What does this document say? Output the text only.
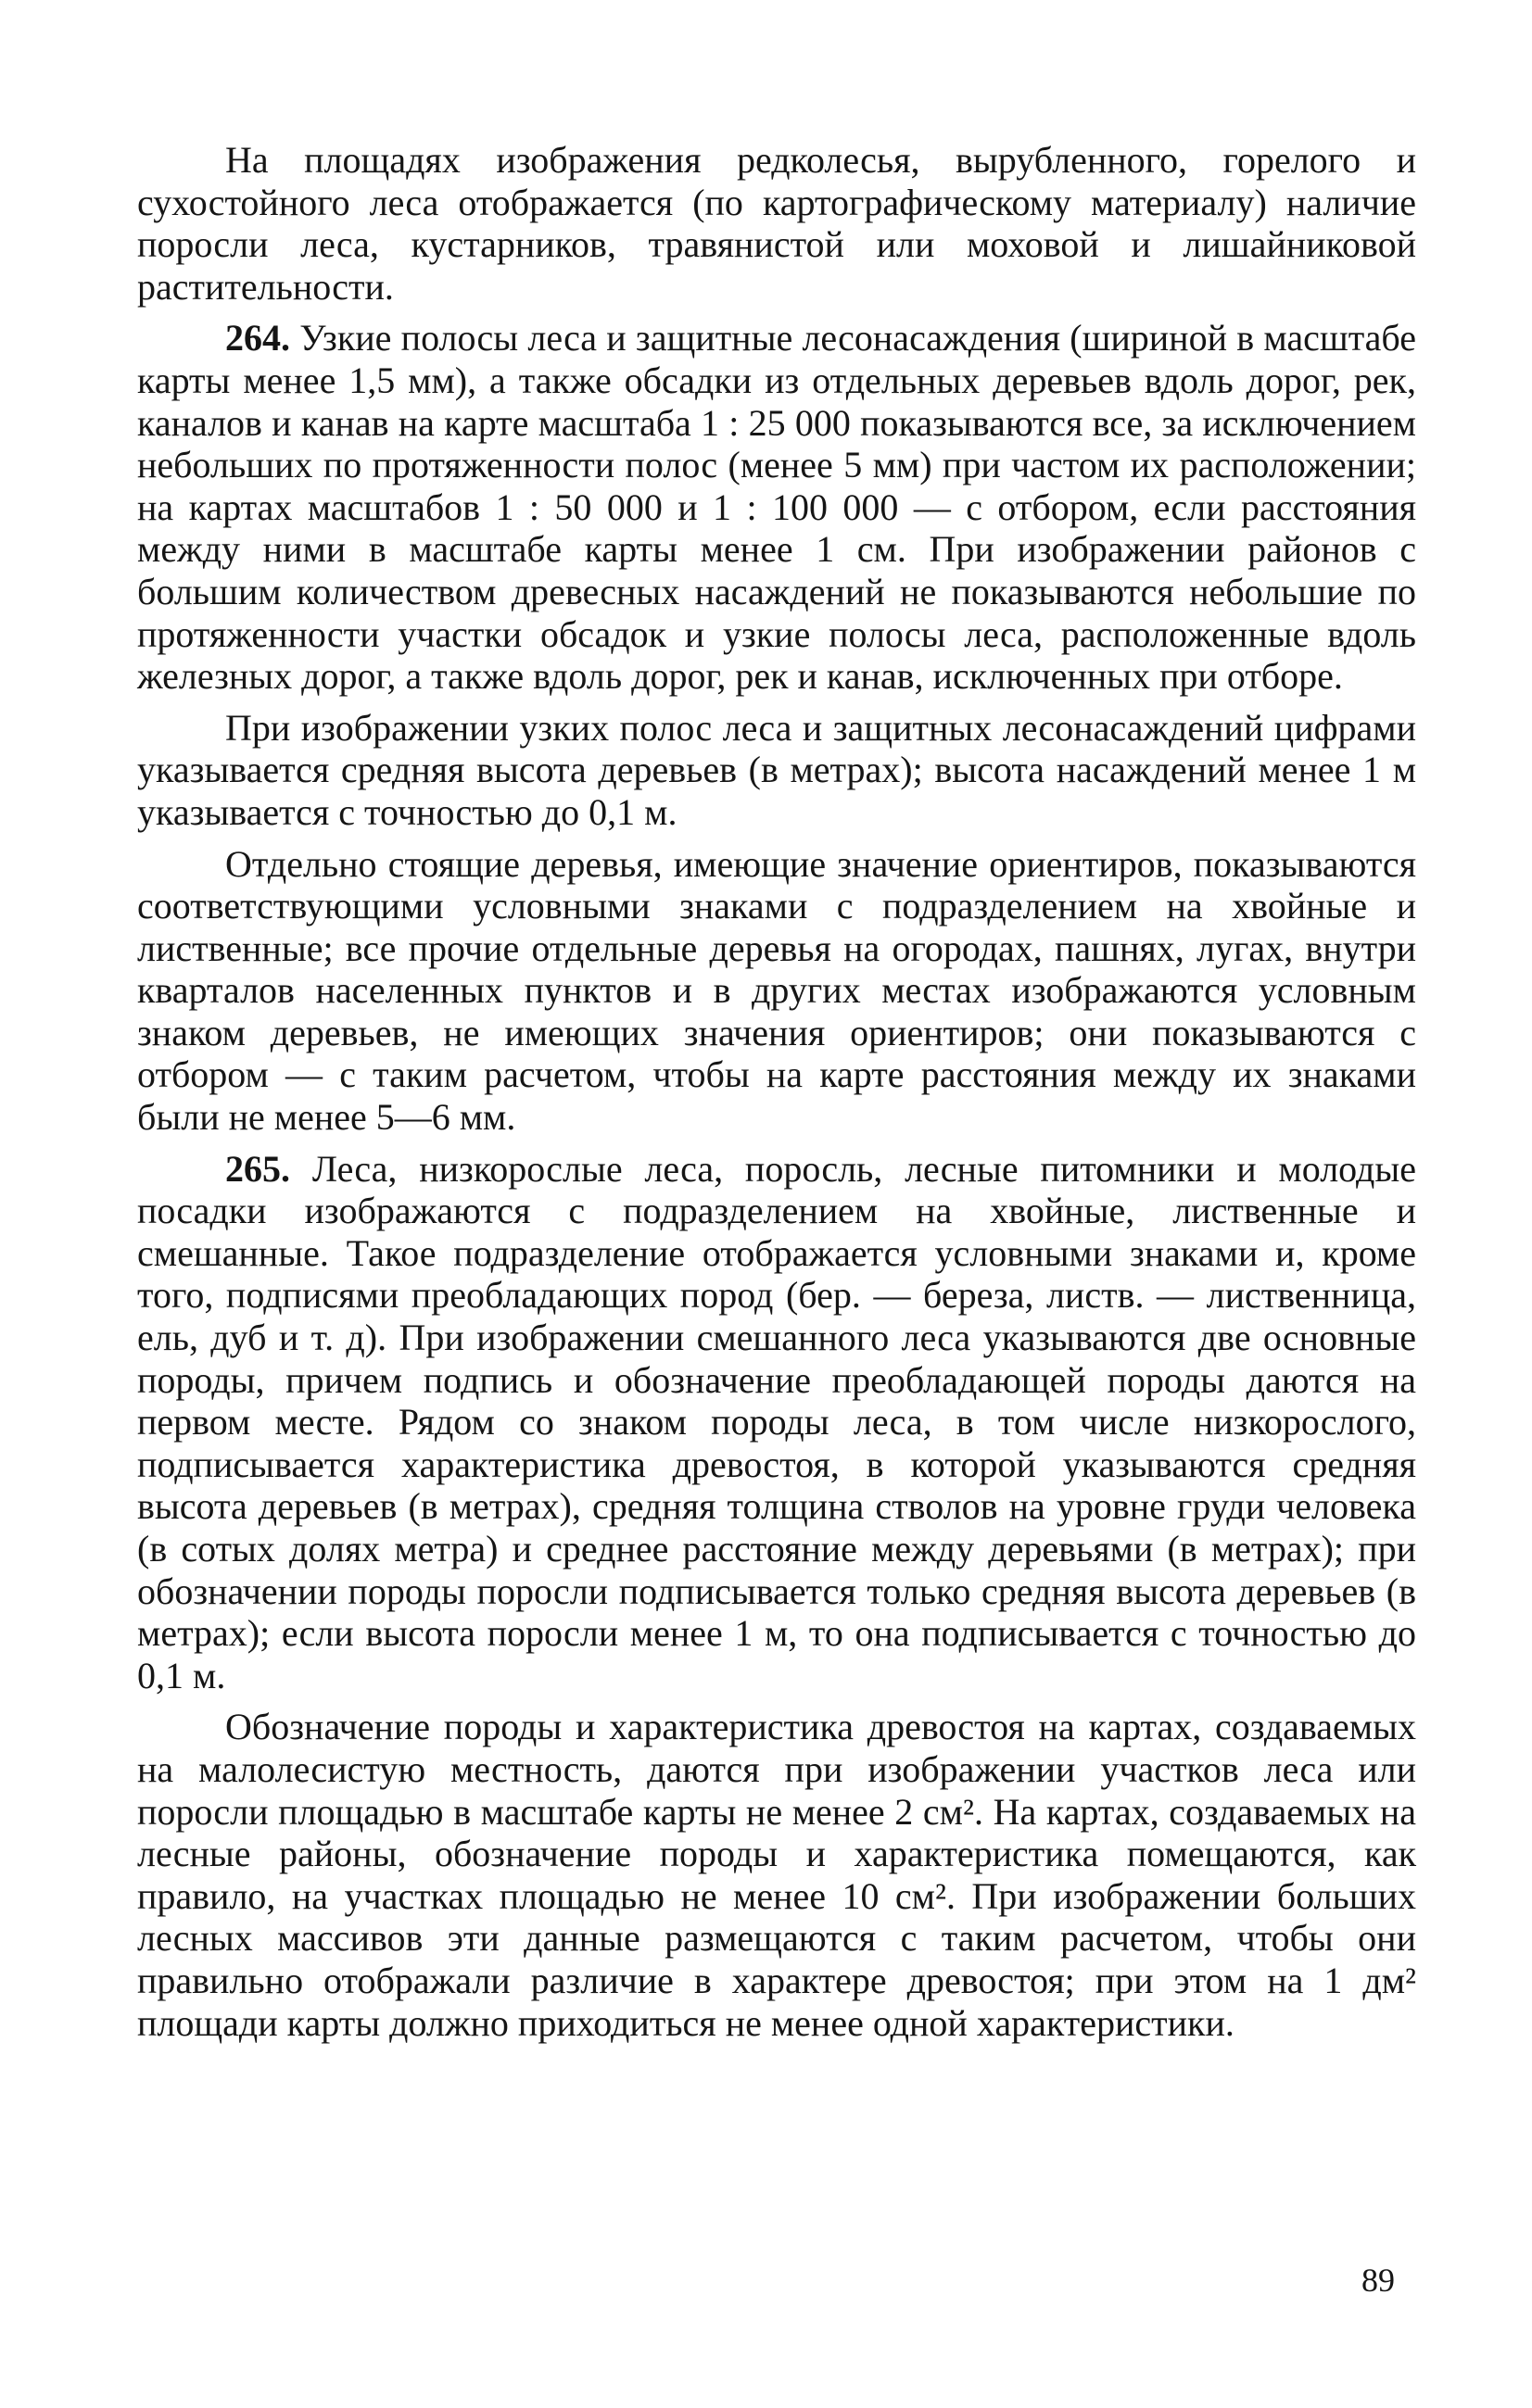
На площадях изображения редколесья, вырубленного, горелого и сухостойного леса отображается (по картографическому материалу) наличие поросли леса, кустарников, травянистой или моховой и лишайниковой растительности.

264. Узкие полосы леса и защитные лесонасаждения (шириной в масштабе карты менее 1,5 мм), а также обсадки из отдельных деревьев вдоль дорог, рек, каналов и канав на карте масштаба 1 : 25 000 показываются все, за исключением небольших по протяженности полос (менее 5 мм) при частом их расположении; на картах масштабов 1 : 50 000 и 1 : 100 000 — с отбором, если расстояния между ними в масштабе карты менее 1 см. При изображении районов с большим количеством древесных насаждений не показываются небольшие по протяженности участки обсадок и узкие полосы леса, расположенные вдоль железных дорог, а также вдоль дорог, рек и канав, исключенных при отборе.

При изображении узких полос леса и защитных лесонасаждений цифрами указывается средняя высота деревьев (в метрах); высота насаждений менее 1 м указывается с точностью до 0,1 м.

Отдельно стоящие деревья, имеющие значение ориентиров, показываются соответствующими условными знаками с подразделением на хвойные и лиственные; все прочие отдельные деревья на огородах, пашнях, лугах, внутри кварталов населенных пунктов и в других местах изображаются условным знаком деревьев, не имеющих значения ориентиров; они показываются с отбором — с таким расчетом, чтобы на карте расстояния между их знаками были не менее 5—6 мм.

265. Леса, низкорослые леса, поросль, лесные питомники и молодые посадки изображаются с подразделением на хвойные, лиственные и смешанные. Такое подразделение отображается условными знаками и, кроме того, подписями преобладающих пород (бер. — береза, листв. — лиственница, ель, дуб и т. д). При изображении смешанного леса указываются две основные породы, причем подпись и обозначение преобладающей породы даются на первом месте. Рядом со знаком породы леса, в том числе низкорослого, подписывается характеристика древостоя, в которой указываются средняя высота деревьев (в метрах), средняя толщина стволов на уровне груди человека (в сотых долях метра) и среднее расстояние между деревьями (в метрах); при обозначении породы поросли подписывается только средняя высота деревьев (в метрах); если высота поросли менее 1 м, то она подписывается с точностью до 0,1 м.

Обозначение породы и характеристика древостоя на картах, создаваемых на малолесистую местность, даются при изображении участков леса или поросли площадью в масштабе карты не менее 2 см². На картах, создаваемых на лесные районы, обозначение породы и характеристика помещаются, как правило, на участках площадью не менее 10 см². При изображении больших лесных массивов эти данные размещаются с таким расчетом, чтобы они правильно отображали различие в характере древостоя; при этом на 1 дм² площади карты должно приходиться не менее одной характеристики.

89
